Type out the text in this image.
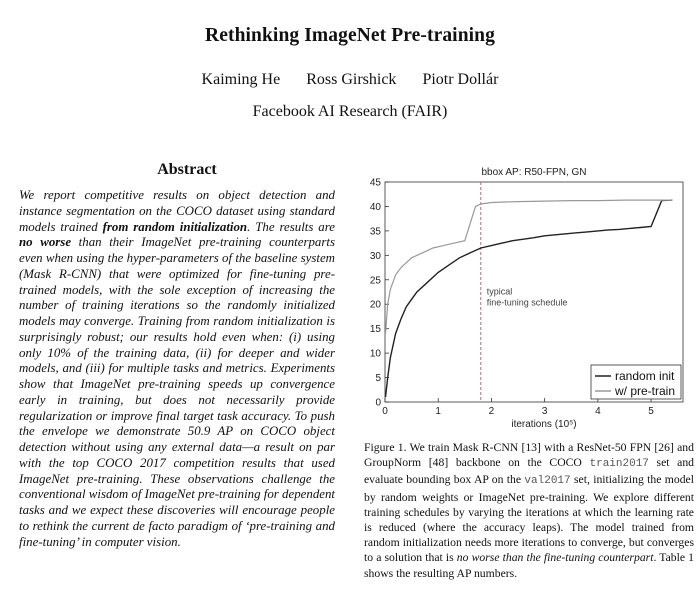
Rethinking ImageNet Pre-training
Kaiming He Ross Girshick Piotr Dollár
Facebook AI Research (FAIR)
Abstract
We report competitive results on object detection and instance segmentation on the COCO dataset using standard models trained from random initialization. The results are no worse than their ImageNet pre-training counterparts even when using the hyper-parameters of the baseline system (Mask R-CNN) that were optimized for fine-tuning pre-trained models, with the sole exception of increasing the number of training iterations so the randomly initialized models may converge. Training from random initialization is surprisingly robust; our results hold even when: (i) using only 10% of the training data, (ii) for deeper and wider models, and (iii) for multiple tasks and metrics. Experiments show that ImageNet pre-training speeds up convergence early in training, but does not necessarily provide regularization or improve final target task accuracy. To push the envelope we demonstrate 50.9 AP on COCO object detection without using any external data—a result on par with the top COCO 2017 competition results that used ImageNet pre-training. These observations challenge the conventional wisdom of ImageNet pre-training for dependent tasks and we expect these discoveries will encourage people to rethink the current de facto paradigm of ‘pre-training and fine-tuning’ in computer vision.
bbox AP: R50-FPN, GN
0
5
10
15
20
25
30
35
40
45
0	1	2	3	4	5
iterations (10⁵)
typical fine-tuning schedule
random init
w/ pre-train
Figure 1. We train Mask R-CNN [13] with a ResNet-50 FPN [26] and GroupNorm [48] backbone on the COCO train2017 set and evaluate bounding box AP on the val2017 set, initializing the model by random weights or ImageNet pre-training. We explore different training schedules by varying the iterations at which the learning rate is reduced (where the accuracy leaps). The model trained from random initialization needs more iterations to converge, but converges to a solution that is no worse than the fine-tuning counterpart. Table 1 shows the resulting AP numbers.
